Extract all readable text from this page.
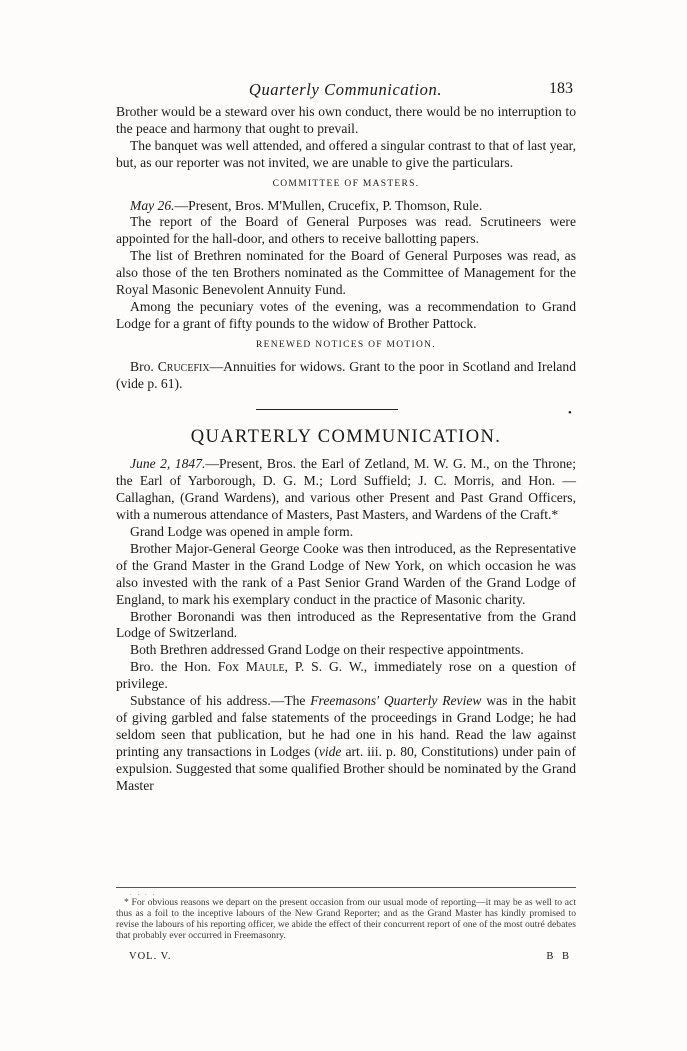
Quarterly Communication.	183

Brother would be a steward over his own conduct, there would be no interruption to the peace and harmony that ought to prevail.

The banquet was well attended, and offered a singular contrast to that of last year, but, as our reporter was not invited, we are unable to give the particulars.

COMMITTEE OF MASTERS.

May 26.—Present, Bros. M'Mullen, Crucefix, P. Thomson, Rule.

The report of the Board of General Purposes was read. Scrutineers were appointed for the hall-door, and others to receive ballotting papers.

The list of Brethren nominated for the Board of General Purposes was read, as also those of the ten Brothers nominated as the Committee of Management for the Royal Masonic Benevolent Annuity Fund.

Among the pecuniary votes of the evening, was a recommendation to Grand Lodge for a grant of fifty pounds to the widow of Brother Pattock.

RENEWED NOTICES OF MOTION.

Bro. Crucefix—Annuities for widows. Grant to the poor in Scotland and Ireland (vide p. 61).

•
QUARTERLY COMMUNICATION.

June 2, 1847.—Present, Bros. the Earl of Zetland, M. W. G. M., on the Throne; the Earl of Yarborough, D. G. M.; Lord Suffield; J. C. Morris, and Hon. — Callaghan, (Grand Wardens), and various other Present and Past Grand Officers, with a numerous attendance of Masters, Past Masters, and Wardens of the Craft.*

Grand Lodge was opened in ample form.

Brother Major-General George Cooke was then introduced, as the Representative of the Grand Master in the Grand Lodge of New York, on which occasion he was also invested with the rank of a Past Senior Grand Warden of the Grand Lodge of England, to mark his exemplary conduct in the practice of Masonic charity.

Brother Boronandi was then introduced as the Representative from the Grand Lodge of Switzerland.

Both Brethren addressed Grand Lodge on their respective appointments.

Bro. the Hon. Fox Maule, P. S. G. W., immediately rose on a question of privilege.

Substance of his address.—The Freemasons' Quarterly Review was in the habit of giving garbled and false statements of the proceedings in Grand Lodge; he had seldom seen that publication, but he had one in his hand. Read the law against printing any transactions in Lodges (vide art. iii. p. 80, Constitutions) under pain of expulsion. Suggested that some qualified Brother should be nominated by the Grand Master

. . . .

* For obvious reasons we depart on the present occasion from our usual mode of reporting—it may be as well to act thus as a foil to the inceptive labours of the New Grand Reporter; and as the Grand Master has kindly promised to revise the labours of his reporting officer, we abide the effect of their concurrent report of one of the most outré debates that probably ever occurred in Freemasonry.

VOL. V.	B B
